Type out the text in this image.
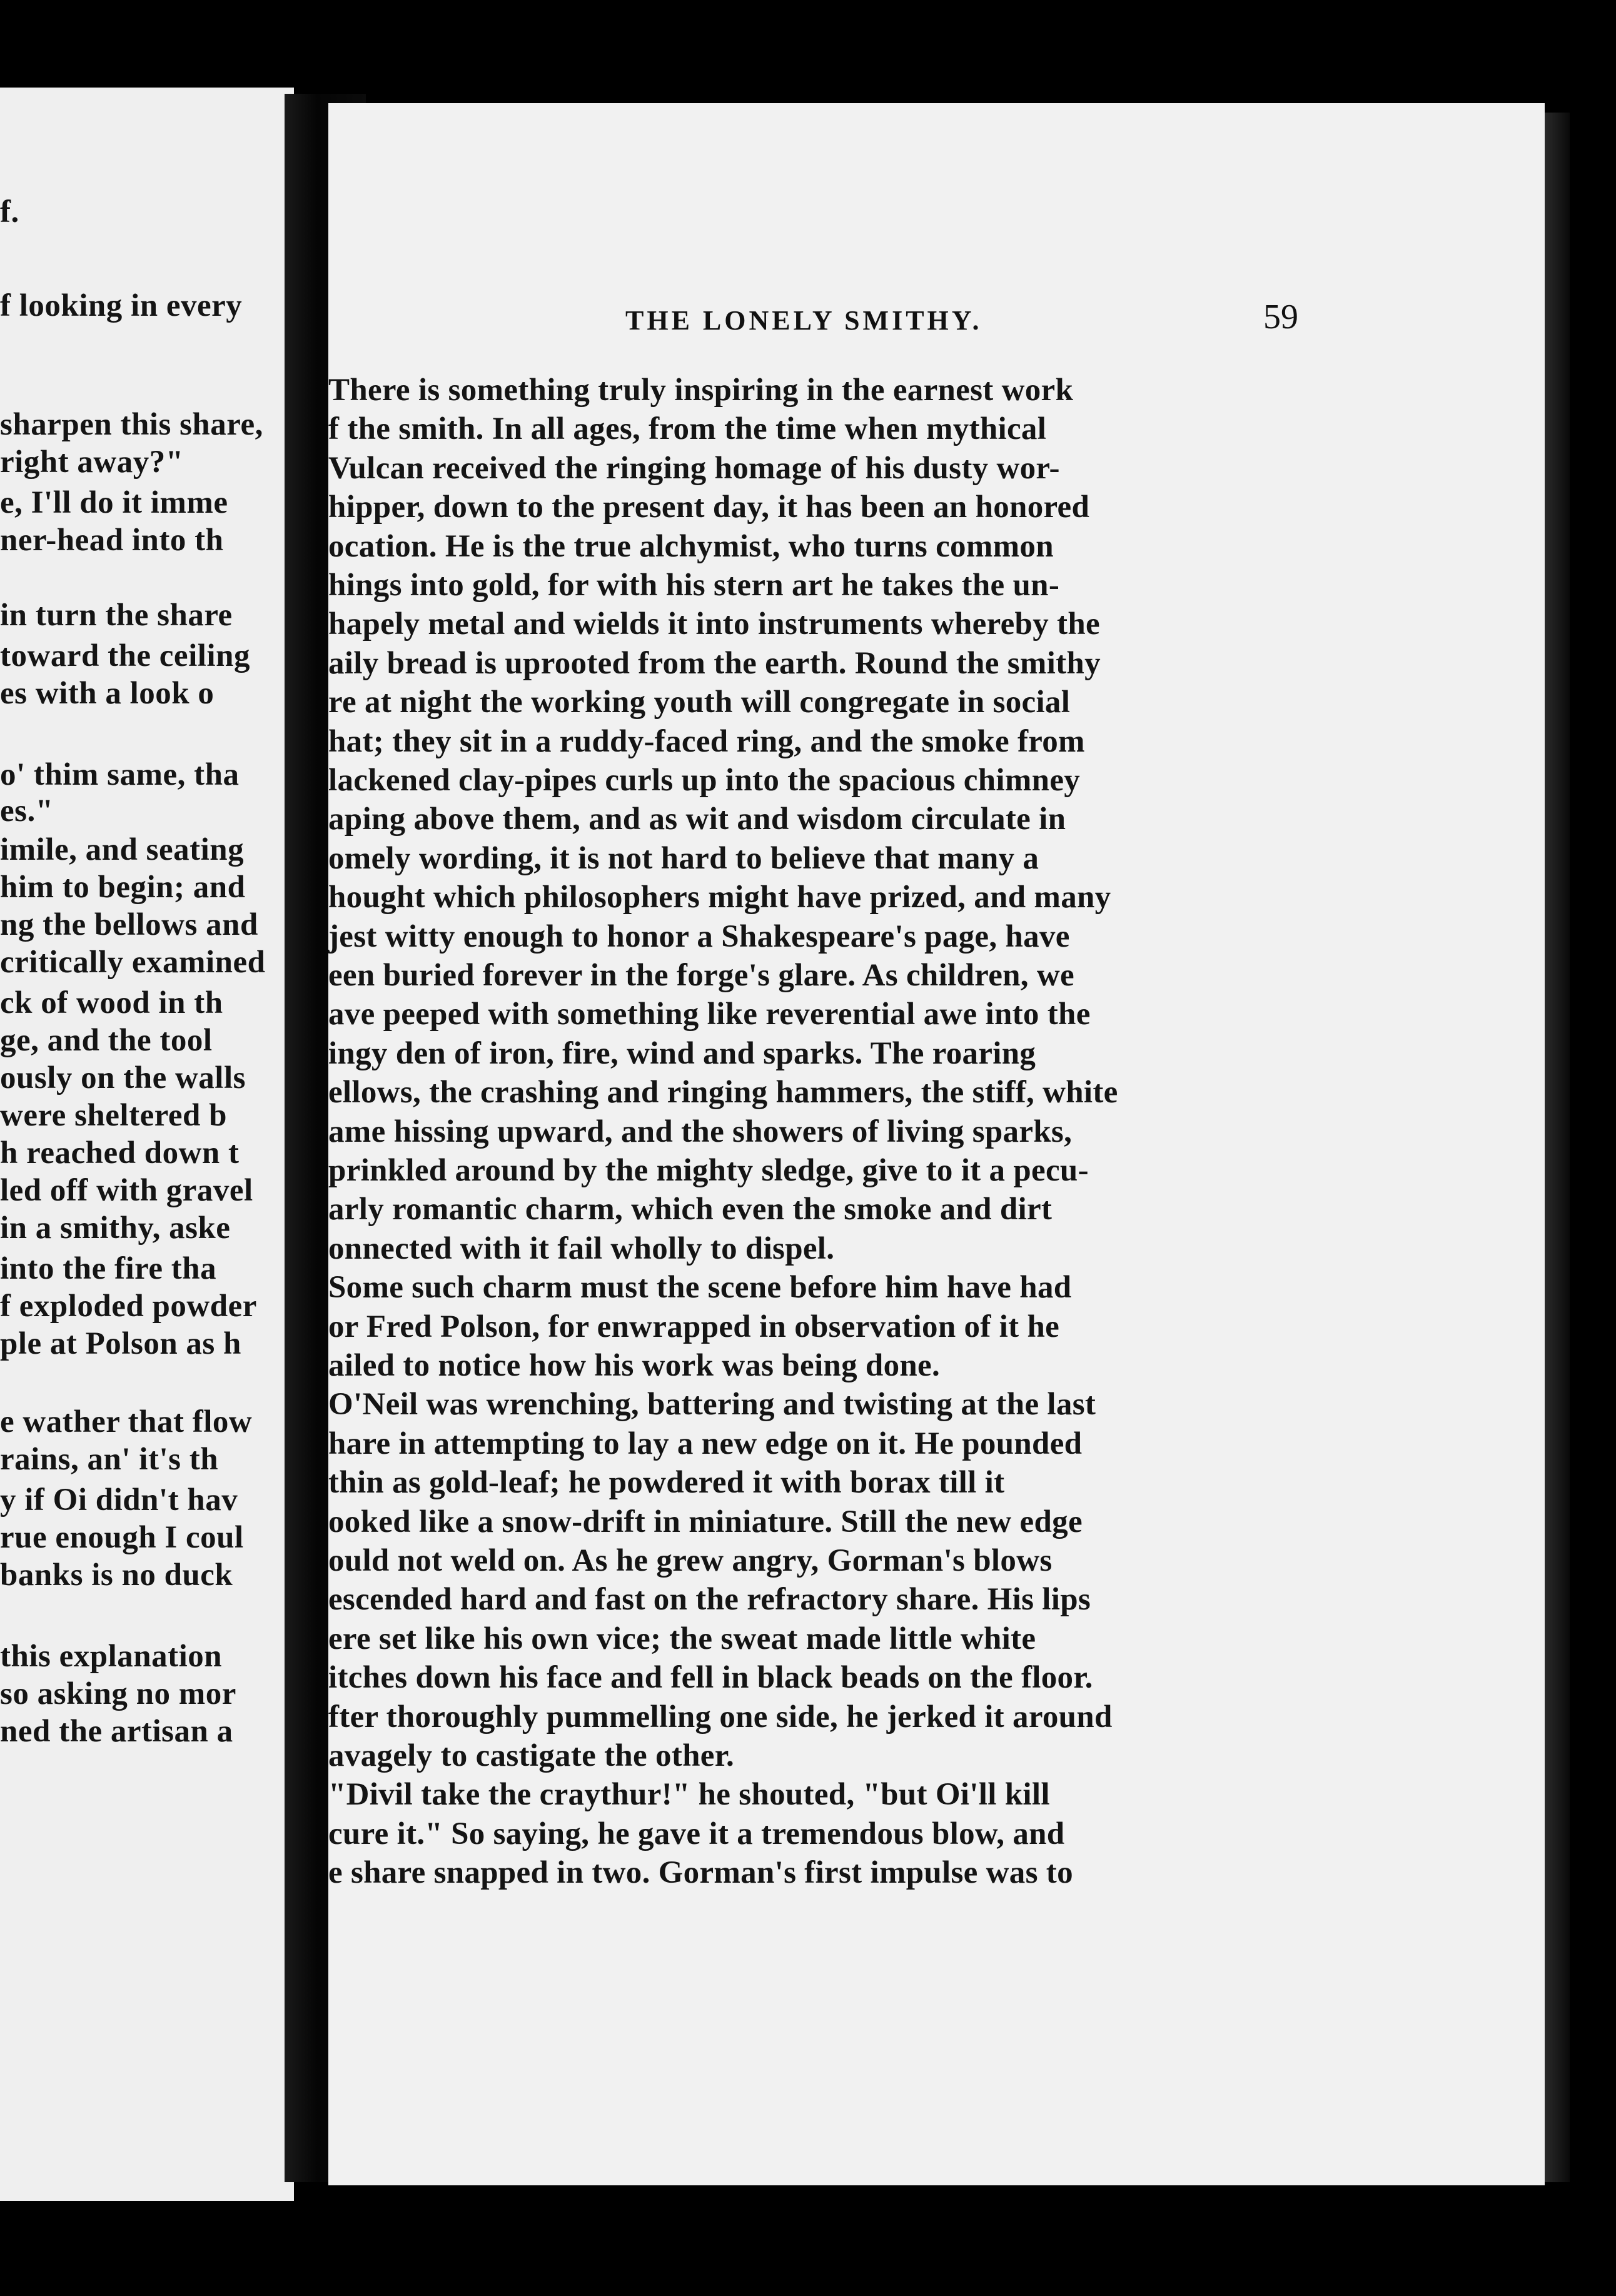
f.
f looking in every
sharpen this share,
right away?"
e, I'll do it imme
ner-head into th
in turn the share
toward the ceiling
es with a look o
o' thim same, tha
es."
imile, and seating
him to begin; and
ng the bellows and
critically examined
ck of wood in th
ge, and the tool
ously on the walls
were sheltered b
h reached down t
led off with gravel
in a smithy, aske
into the fire tha
f exploded powder
ple at Polson as h
e wather that flow
rains, an' it's th
y if Oi didn't hav
rue enough I coul
banks is no duck
this explanation
so asking no mor
ned the artisan a
THE LONELY SMITHY.	59
There is something truly inspiring in the earnest work
f the smith. In all ages, from the time when mythical
Vulcan received the ringing homage of his dusty wor-
hipper, down to the present day, it has been an honored
ocation. He is the true alchymist, who turns common
hings into gold, for with his stern art he takes the un-
hapely metal and wields it into instruments whereby the
aily bread is uprooted from the earth. Round the smithy
re at night the working youth will congregate in social
hat; they sit in a ruddy-faced ring, and the smoke from
lackened clay-pipes curls up into the spacious chimney
aping above them, and as wit and wisdom circulate in
omely wording, it is not hard to believe that many a
hought which philosophers might have prized, and many
jest witty enough to honor a Shakespeare's page, have
een buried forever in the forge's glare. As children, we
ave peeped with something like reverential awe into the
ingy den of iron, fire, wind and sparks. The roaring
ellows, the crashing and ringing hammers, the stiff, white
ame hissing upward, and the showers of living sparks,
prinkled around by the mighty sledge, give to it a pecu-
arly romantic charm, which even the smoke and dirt
onnected with it fail wholly to dispel.
Some such charm must the scene before him have had
or Fred Polson, for enwrapped in observation of it he
ailed to notice how his work was being done.
O'Neil was wrenching, battering and twisting at the last
hare in attempting to lay a new edge on it. He pounded
thin as gold-leaf; he powdered it with borax till it
ooked like a snow-drift in miniature. Still the new edge
ould not weld on. As he grew angry, Gorman's blows
escended hard and fast on the refractory share. His lips
ere set like his own vice; the sweat made little white
itches down his face and fell in black beads on the floor.
fter thoroughly pummelling one side, he jerked it around
avagely to castigate the other.
"Divil take the craythur!" he shouted, "but Oi'll kill
cure it." So saying, he gave it a tremendous blow, and
e share snapped in two. Gorman's first impulse was to
